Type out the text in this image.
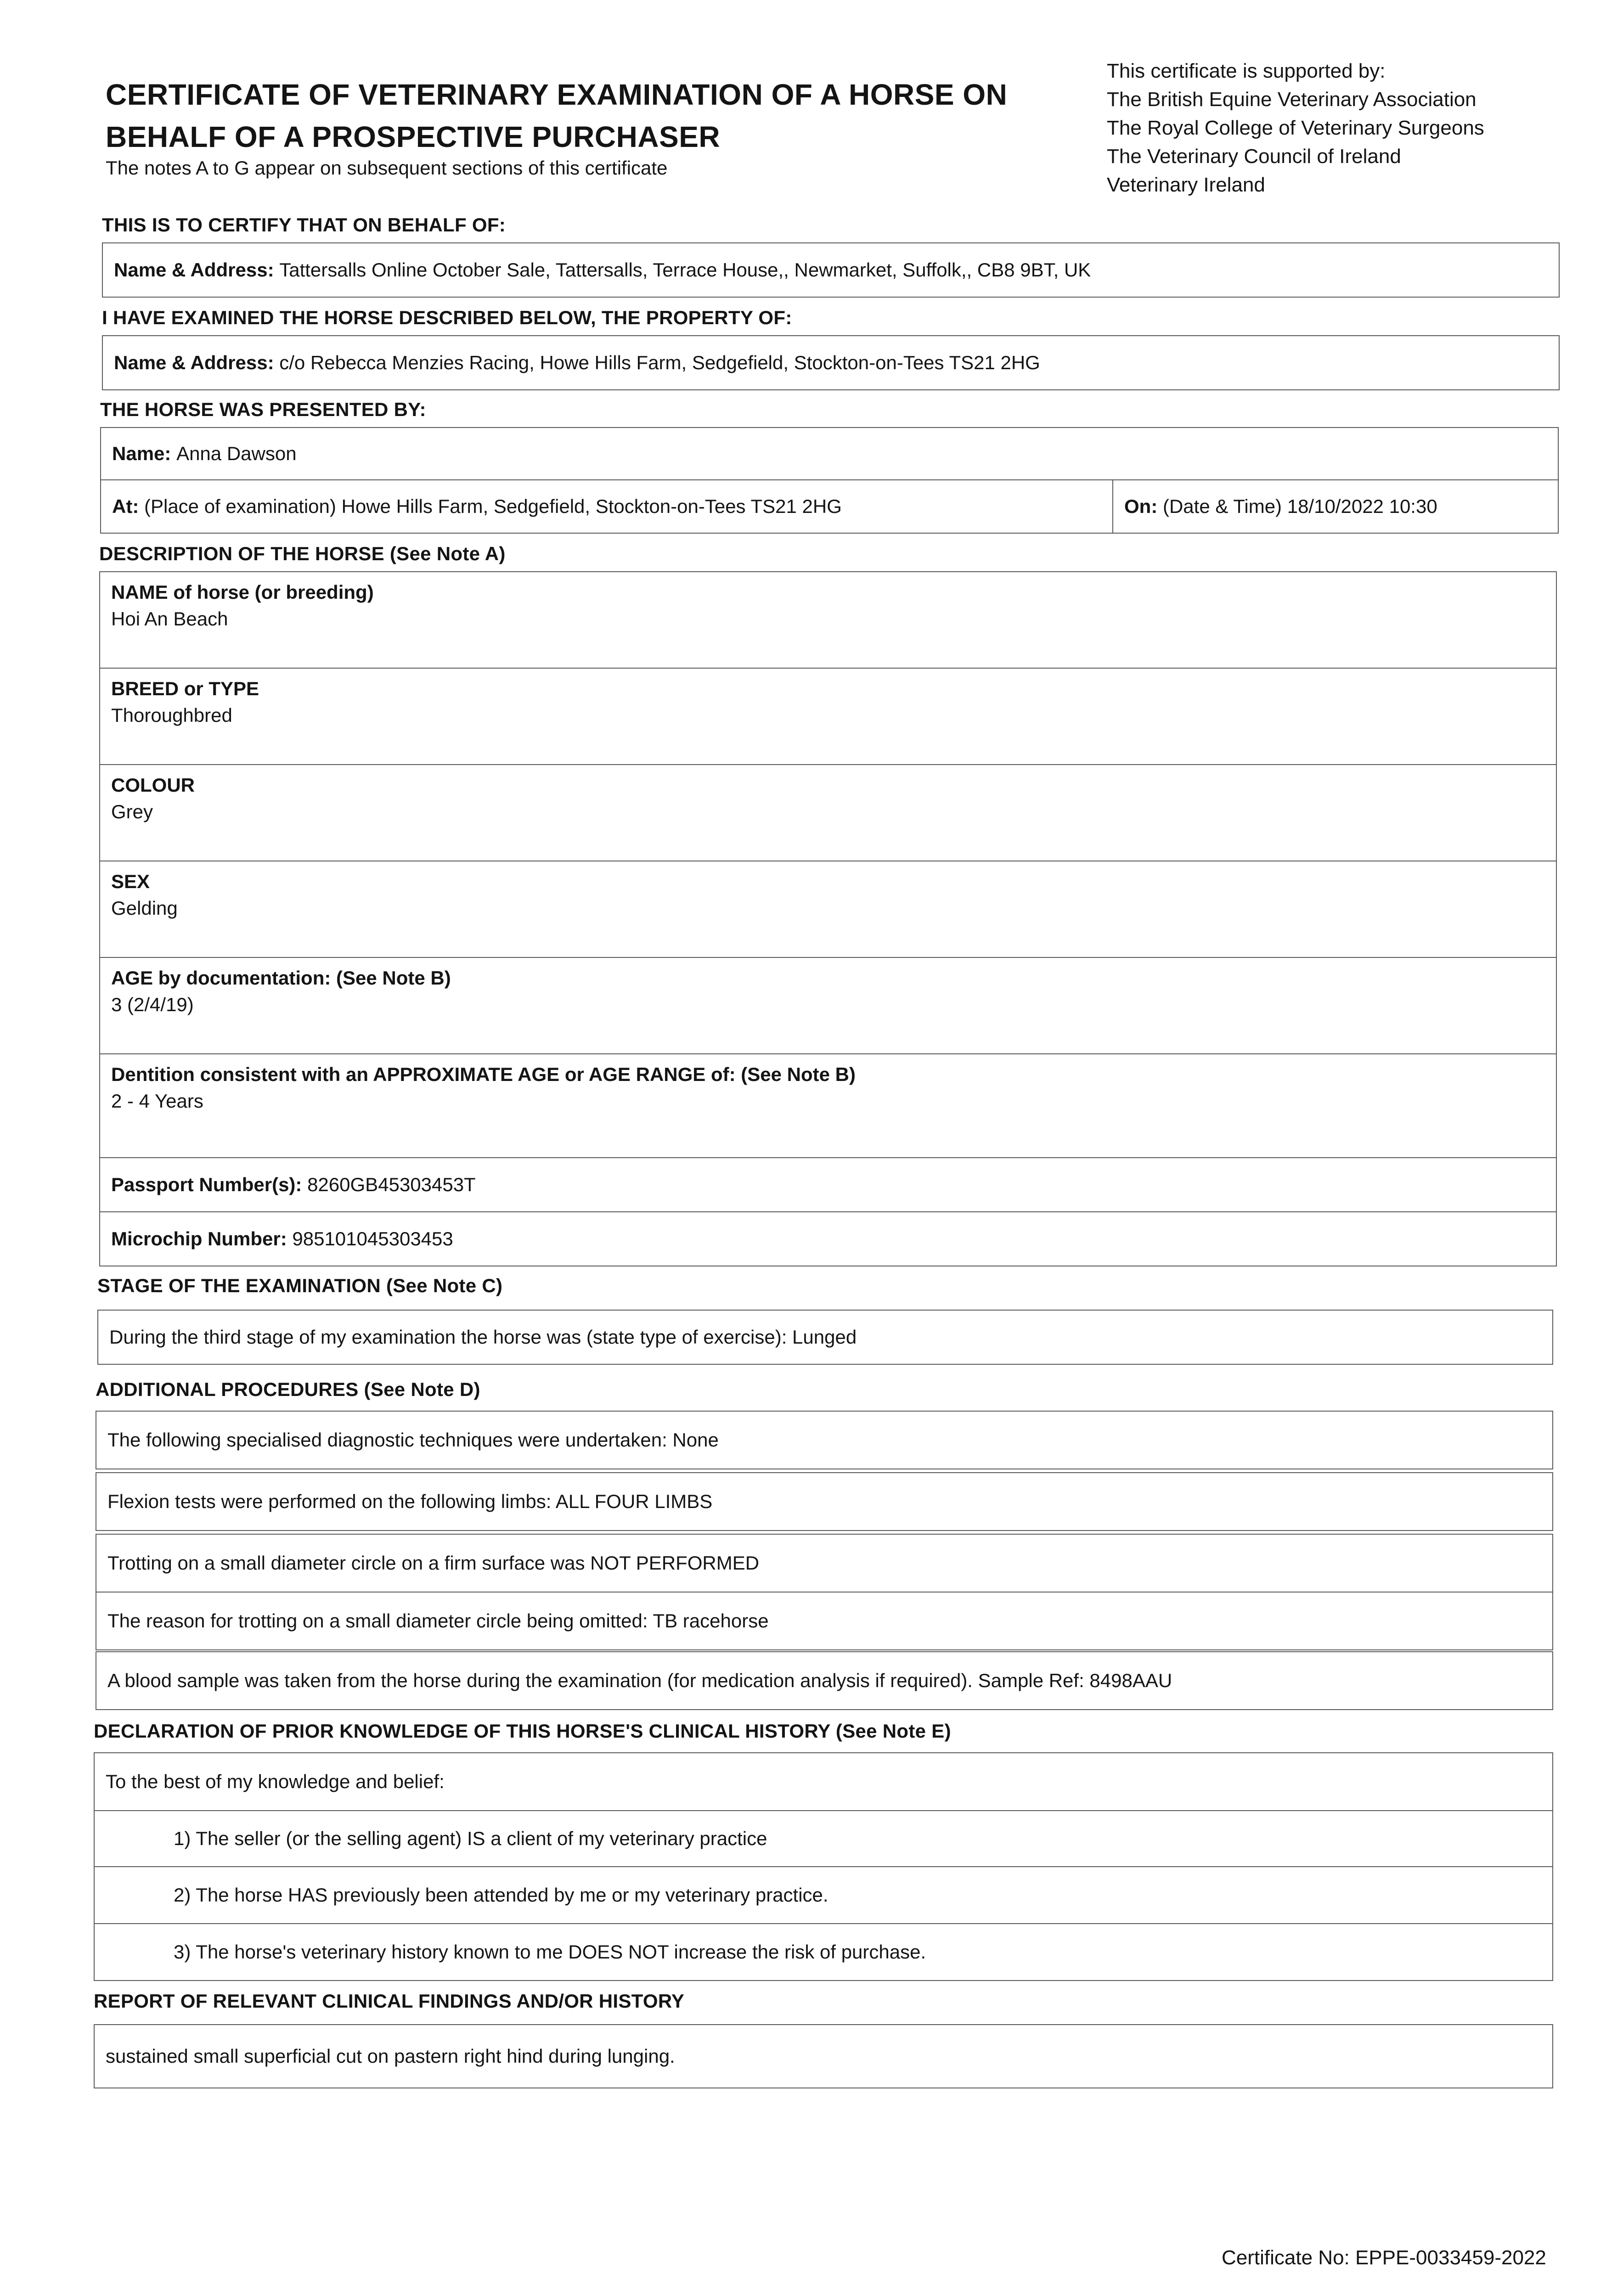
CERTIFICATE OF VETERINARY EXAMINATION OF A HORSE ON BEHALF OF A PROSPECTIVE PURCHASER
The notes A to G appear on subsequent sections of this certificate
This certificate is supported by:
The British Equine Veterinary Association
The Royal College of Veterinary Surgeons
The Veterinary Council of Ireland
Veterinary Ireland
THIS IS TO CERTIFY THAT ON BEHALF OF:
Name & Address:
Tattersalls Online October Sale, Tattersalls, Terrace House,, Newmarket, Suffolk,, CB8 9BT, UK
I HAVE EXAMINED THE HORSE DESCRIBED BELOW, THE PROPERTY OF:
Name & Address:
c/o Rebecca Menzies Racing, Howe Hills Farm, Sedgefield, Stockton-on-Tees TS21 2HG
THE HORSE WAS PRESENTED BY:
Name:
Anna Dawson
At:
(Place of examination) Howe Hills Farm, Sedgefield, Stockton-on-Tees TS21 2HG	On:
(Date & Time) 18/10/2022 10:30
DESCRIPTION OF THE HORSE (See Note A)
NAME of horse (or breeding)
Hoi An Beach
BREED or TYPE
Thoroughbred
COLOUR
Grey
SEX
Gelding
AGE by documentation: (See Note B)
3 (2/4/19)
Dentition consistent with an APPROXIMATE AGE or AGE RANGE of: (See Note B)
2 - 4 Years
Passport Number(s):
8260GB45303453T
Microchip Number:
985101045303453
STAGE OF THE EXAMINATION (See Note C)
During the third stage of my examination the horse was (state type of exercise): Lunged
ADDITIONAL PROCEDURES (See Note D)
The following specialised diagnostic techniques were undertaken: None
Flexion tests were performed on the following limbs: ALL FOUR LIMBS
Trotting on a small diameter circle on a firm surface was NOT PERFORMED
The reason for trotting on a small diameter circle being omitted: TB racehorse
A blood sample was taken from the horse during the examination (for medication analysis if required). Sample Ref: 8498AAU
DECLARATION OF PRIOR KNOWLEDGE OF THIS HORSE'S CLINICAL HISTORY (See Note E)
To the best of my knowledge and belief:
1) The seller (or the selling agent) IS a client of my veterinary practice
2) The horse HAS previously been attended by me or my veterinary practice.
3) The horse's veterinary history known to me DOES NOT increase the risk of purchase.
REPORT OF RELEVANT CLINICAL FINDINGS AND/OR HISTORY
sustained small superficial cut on pastern right hind during lunging.
Certificate No: EPPE-0033459-2022
